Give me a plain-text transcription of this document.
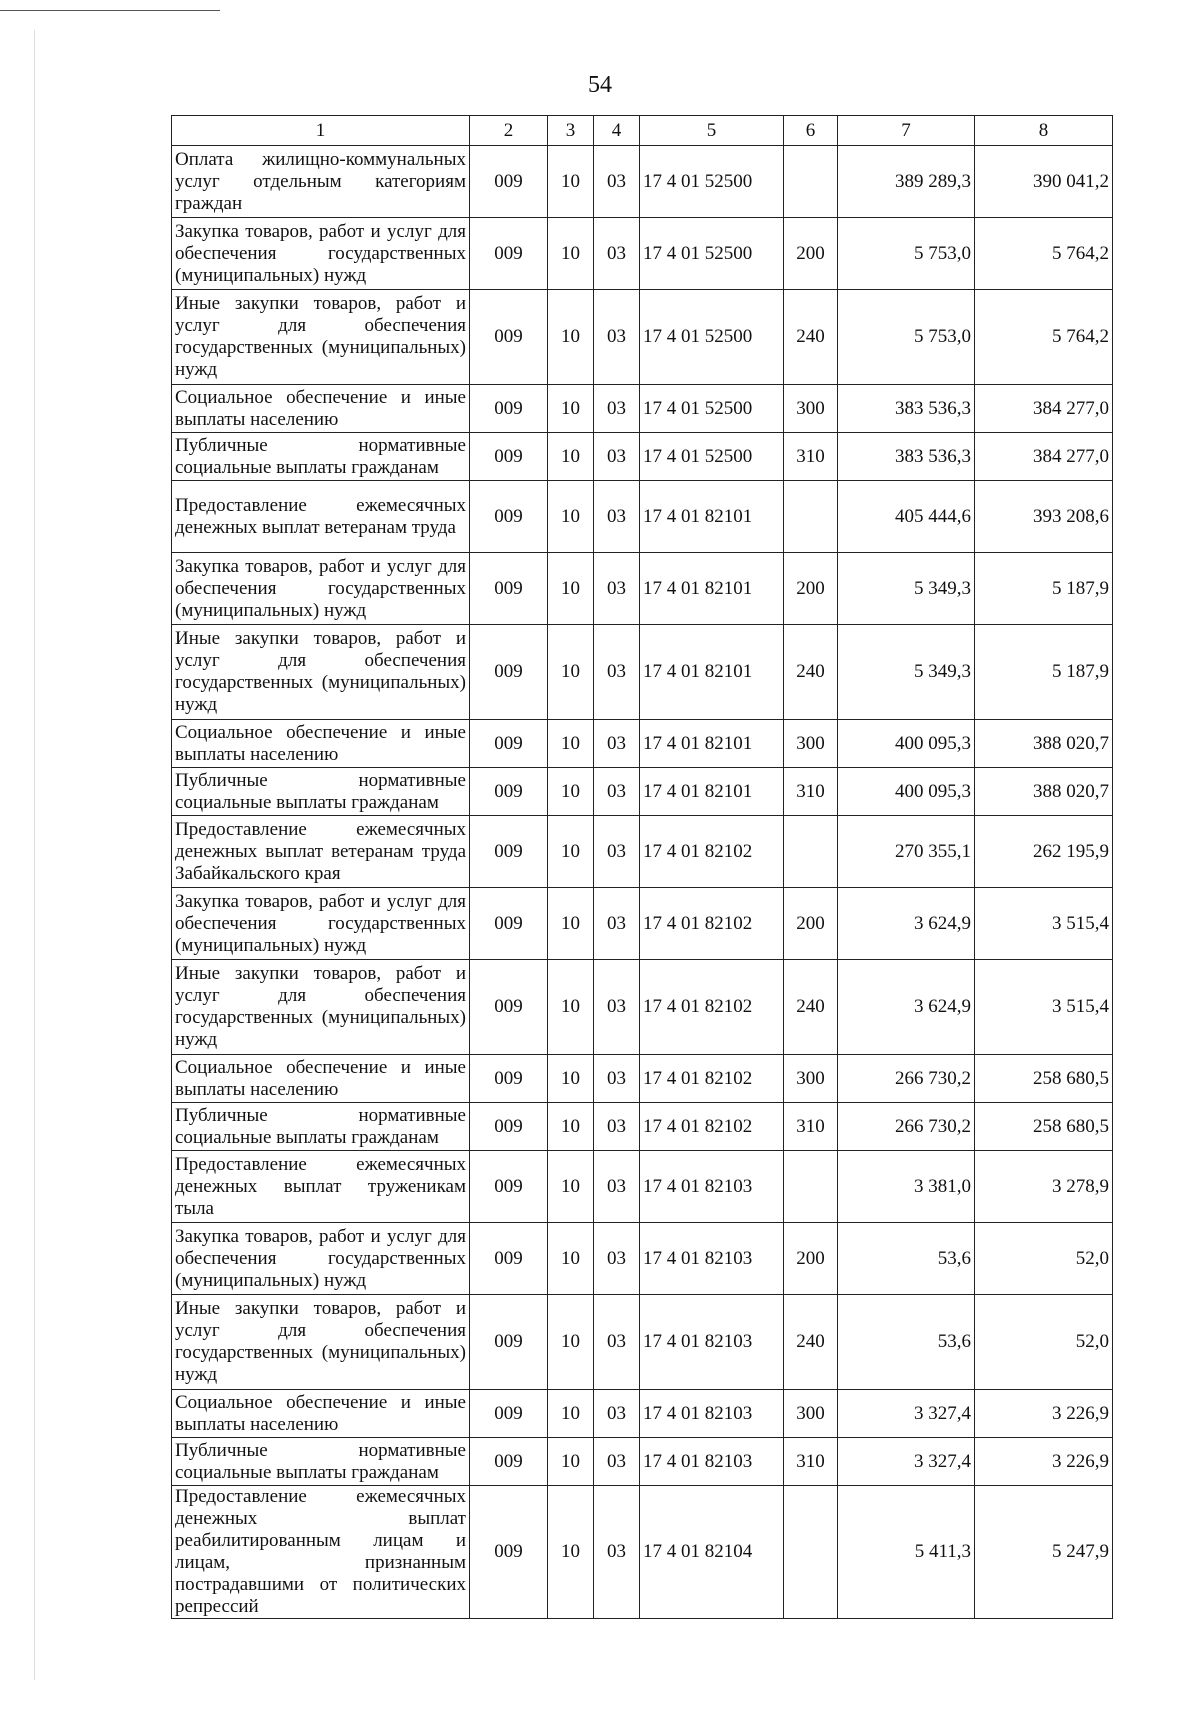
54
1	2	3	4	5	6	7	8
Оплата жилищно-коммунальных услуг отдельным категориям граждан	009	10	03	17 4 01 52500		389 289,3	390 041,2
Закупка товаров, работ и услуг для обеспечения государственных (муниципальных) нужд	009	10	03	17 4 01 52500	200	5 753,0	5 764,2
Иные закупки товаров, работ и услуг для обеспечения государственных (муниципальных) нужд	009	10	03	17 4 01 52500	240	5 753,0	5 764,2
Социальное обеспечение и иные выплаты населению	009	10	03	17 4 01 52500	300	383 536,3	384 277,0
Публичные нормативные социальные выплаты гражданам	009	10	03	17 4 01 52500	310	383 536,3	384 277,0
Предоставление ежемесячных денежных выплат ветеранам труда	009	10	03	17 4 01 82101		405 444,6	393 208,6
Закупка товаров, работ и услуг для обеспечения государственных (муниципальных) нужд	009	10	03	17 4 01 82101	200	5 349,3	5 187,9
Иные закупки товаров, работ и услуг для обеспечения государственных (муниципальных) нужд	009	10	03	17 4 01 82101	240	5 349,3	5 187,9
Социальное обеспечение и иные выплаты населению	009	10	03	17 4 01 82101	300	400 095,3	388 020,7
Публичные нормативные социальные выплаты гражданам	009	10	03	17 4 01 82101	310	400 095,3	388 020,7
Предоставление ежемесячных денежных выплат ветеранам труда Забайкальского края	009	10	03	17 4 01 82102		270 355,1	262 195,9
Закупка товаров, работ и услуг для обеспечения государственных (муниципальных) нужд	009	10	03	17 4 01 82102	200	3 624,9	3 515,4
Иные закупки товаров, работ и услуг для обеспечения государственных (муниципальных) нужд	009	10	03	17 4 01 82102	240	3 624,9	3 515,4
Социальное обеспечение и иные выплаты населению	009	10	03	17 4 01 82102	300	266 730,2	258 680,5
Публичные нормативные социальные выплаты гражданам	009	10	03	17 4 01 82102	310	266 730,2	258 680,5
Предоставление ежемесячных денежных выплат труженикам тыла	009	10	03	17 4 01 82103		3 381,0	3 278,9
Закупка товаров, работ и услуг для обеспечения государственных (муниципальных) нужд	009	10	03	17 4 01 82103	200	53,6	52,0
Иные закупки товаров, работ и услуг для обеспечения государственных (муниципальных) нужд	009	10	03	17 4 01 82103	240	53,6	52,0
Социальное обеспечение и иные выплаты населению	009	10	03	17 4 01 82103	300	3 327,4	3 226,9
Публичные нормативные социальные выплаты гражданам	009	10	03	17 4 01 82103	310	3 327,4	3 226,9
Предоставление ежемесячных денежных выплат реабилитированным лицам и лицам, признанным пострадавшими от политических репрессий	009	10	03	17 4 01 82104		5 411,3	5 247,9
